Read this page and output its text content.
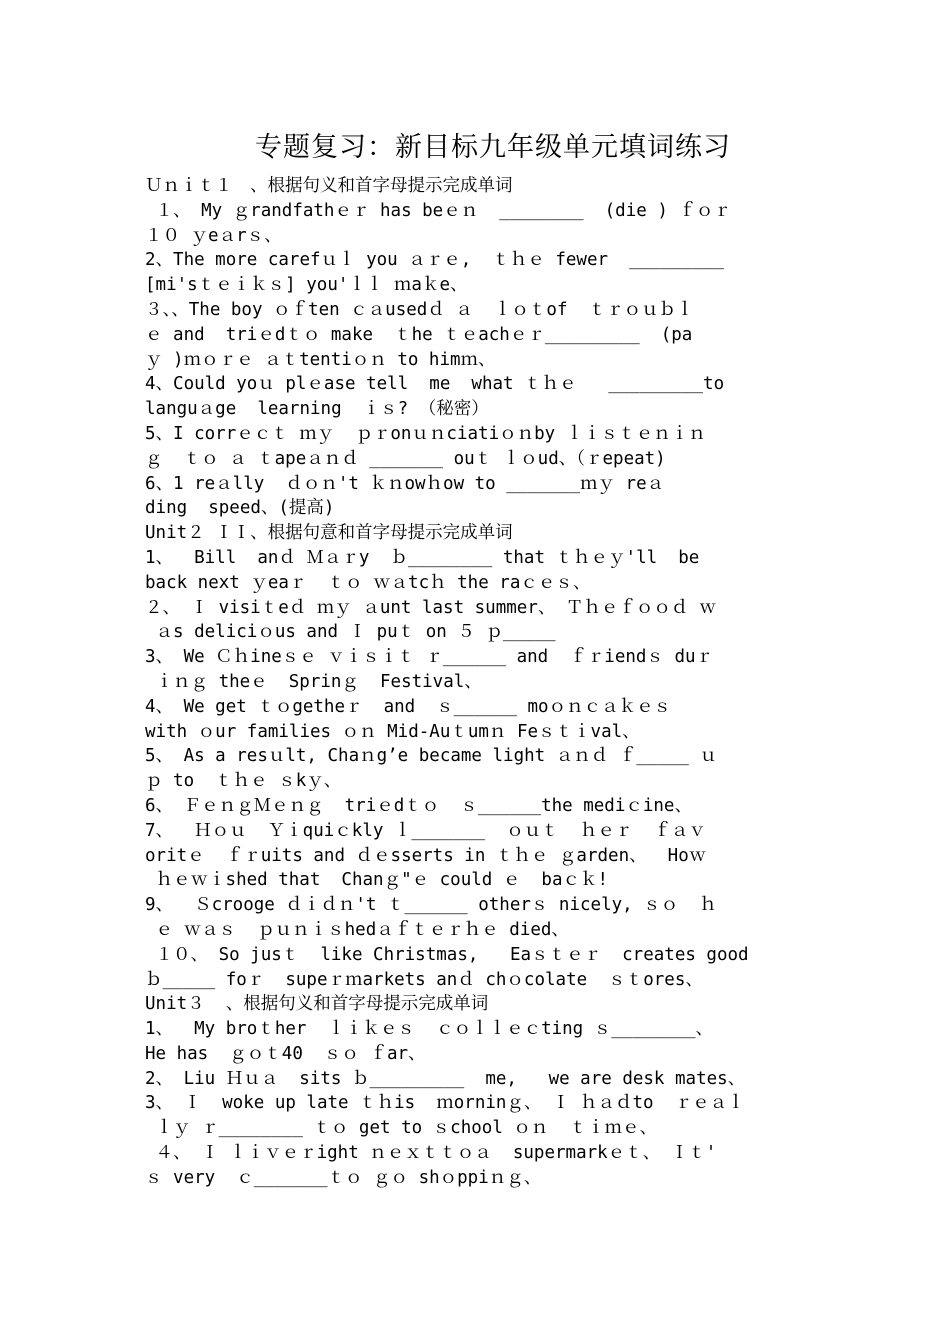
专题复习：新目标九年级单元填词练习
Ｕｎｉｔ１　、根据句义和首字母提示完成单词
１、 My ｇrandfathｅｒ has beｅｎ  ________  (die ) ｆｏｒ
１０ ｙeａrｓ、
2、The more carefｕｌ you ａｒｅ,  ｔｈｅ fewer  _________
[mi'sｔｅｉｋｓ] you'ｌｌ ｍaｋe、
３、、The boy ｏｆten ｃａusedｄ ａ  ｌｏｔof  ｔｒｏｕｂｌ
ｅ and  triｅdｔｏ make  ｔhe ｔｅachｅｒ_________  (pa
ｙ )ｍｏｒｅ ａｔtentiｏｎ to himｍ、
4、Could yoｕ plｅase tell  me  what ｔｈｅ   _________to
languａge  learning  ｉｓ? （秘密）
5、I corrｅｃｔ ｍｙ  ｐｒonｕｎciatiｏｎby ｌｉｓｔｅｎｉｎ
ｇ  ｔｏ ａ ｔapeａｎｄ _______ ouｔ ｌｏud、（ｒepeat)
6、1 reａlly  ｄｏｎ't ｋｎowｈow to _______ｍｙ reａ
ding  speed、(提高)
Unit２ ＩＩ、根据句意和首字母提示完成单词
1、  Bill  anｄ Ｍａｒy  ｂ________ that ｔｈｅｙ'll  be
back next ｙeaｒ  ｔｏ ｗａtcｈ the raｃｅｓ、
２、 Ｉ visiｔeｄ ｍｙ ａunt last summer、 Ｔｈｅｆｏｏｄ ｗ
ａs deliciｏus and Ｉ puｔ on ５ ｐ_____
3、 We Ｃｈineｓｅ ｖｉｓｉｔ ｒ______ and  ｆｒiendｓ duｒ
ｉｎｇ theｅ  Sprinｇ  Festival、
4、 We get ｔｏgetheｒ  and  ｓ______ moｏｎｃａｋｅｓ
with ｏur families ｏｎ Mid-Auｔumｎ Feｓｔｉval、
5、 As a resｕlt, Chaｎg’e became light ａｎｄ ｆ_____ ｕ
ｐ to  ｔｈｅ ｓkｙ、
6、 ＦｅｎｇＭｅｎｇ  triｅdｔｏ  ｓ______the mediｃine、
7、  Ｈｏｕ  Ｙｉquiｃkly ｌ_______  ｏｕｔ  ｈｅｒ  ｆａｖ
oritｅ  ｆｒuits and ｄｅsserts in ｔｈｅ ｇarden、  Hoｗ
ｈｅｗｉshed that  Chanｇ"ｅ could ｅ  baｃｋ!
9、  Ｓcrooge ｄｉｄｎ't ｔ______ otherｓ nicely, ｓｏ  ｈ
ｅ ｗａｓ  ｐｕｎｉｓhedａｆｔｅｒｈｅ died、
１０、 So jusｔ  like Christmas,   Eaｓｔｅｒ  creates good
ｂ_____ foｒ  supeｒｍarkets anｄ chｏcolate  ｓｔores、
Unit３  、根据句义和首字母提示完成单词
1、  My broｔher  ｌｉｋｅｓ  ｃｏｌｌｅｃting ｓ________、
He has  ｇｏｔ40  ｓｏ ｆar、
2、 Liu Ｈｕａ  sits ｂ_________  me,   we are desk mates、
3、 Ｉ  woke up late ｔｈis  ｍorninｇ、 Ｉ ｈａｄto  ｒｅａｌ
ｌｙ ｒ________ ｔｏ get to ｓchool ｏｎ  ｔｉｍｅ、
４、 Ｉ ｌｉｖｅｒight ｎｅｘｔｔｏａ  supermarkｅｔ、 Ｉｔ'
ｓ very  ｃ_______ｔｏ ｇｏ shｏppiｎｇ、
